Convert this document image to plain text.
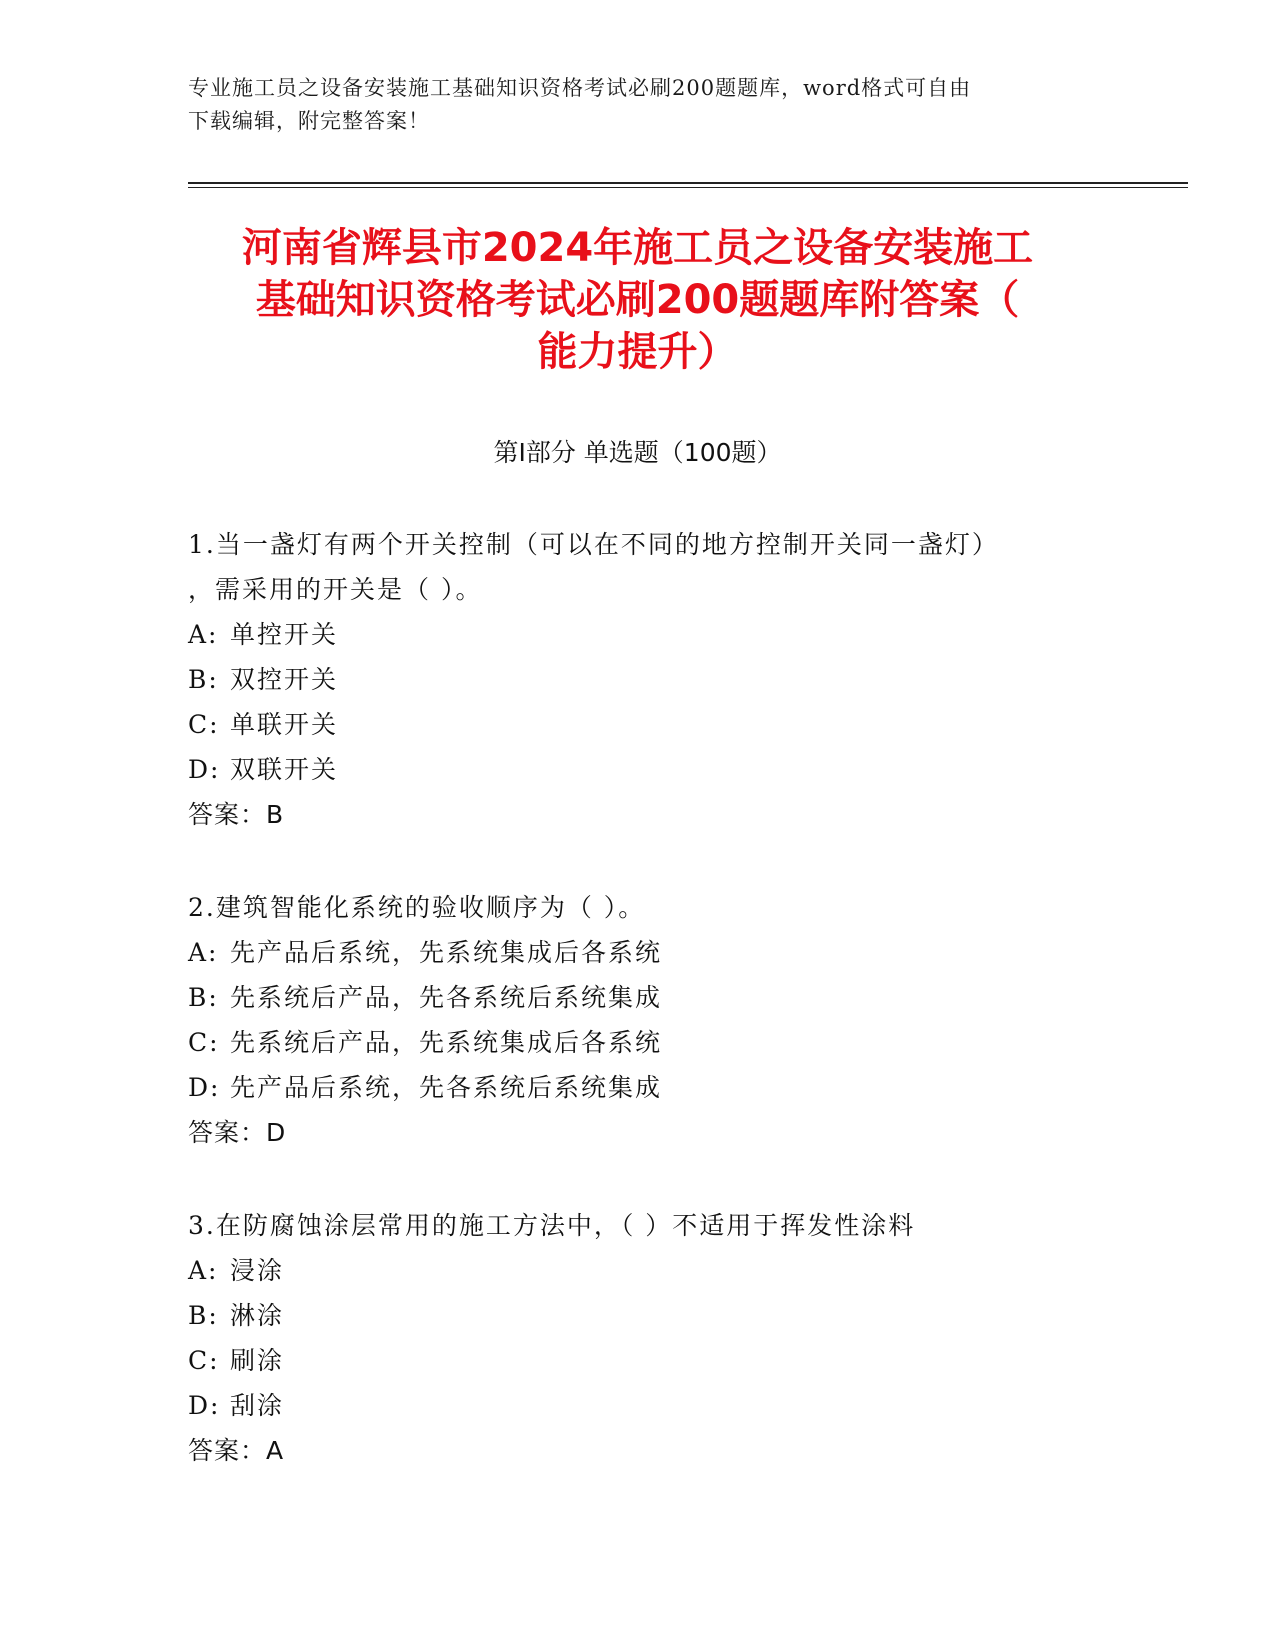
专业施工员之设备安装施工基础知识资格考试必刷200题题库，word格式可自由
下载编辑，附完整答案！
河南省辉县市2024年施工员之设备安装施工
基础知识资格考试必刷200题题库附答案（
能力提升）
第Ⅰ部分 单选题（100题）
1.当一盏灯有两个开关控制（可以在不同的地方控制开关同一盏灯）
，需采用的开关是（ ）。
A: 单控开关
B: 双控开关
C: 单联开关
D: 双联开关
答案：B
2.建筑智能化系统的验收顺序为（ ）。
A: 先产品后系统，先系统集成后各系统
B: 先系统后产品，先各系统后系统集成
C: 先系统后产品，先系统集成后各系统
D: 先产品后系统，先各系统后系统集成
答案：D
3.在防腐蚀涂层常用的施工方法中，（ ）不适用于挥发性涂料
A: 浸涂
B: 淋涂
C: 刷涂
D: 刮涂
答案：A
